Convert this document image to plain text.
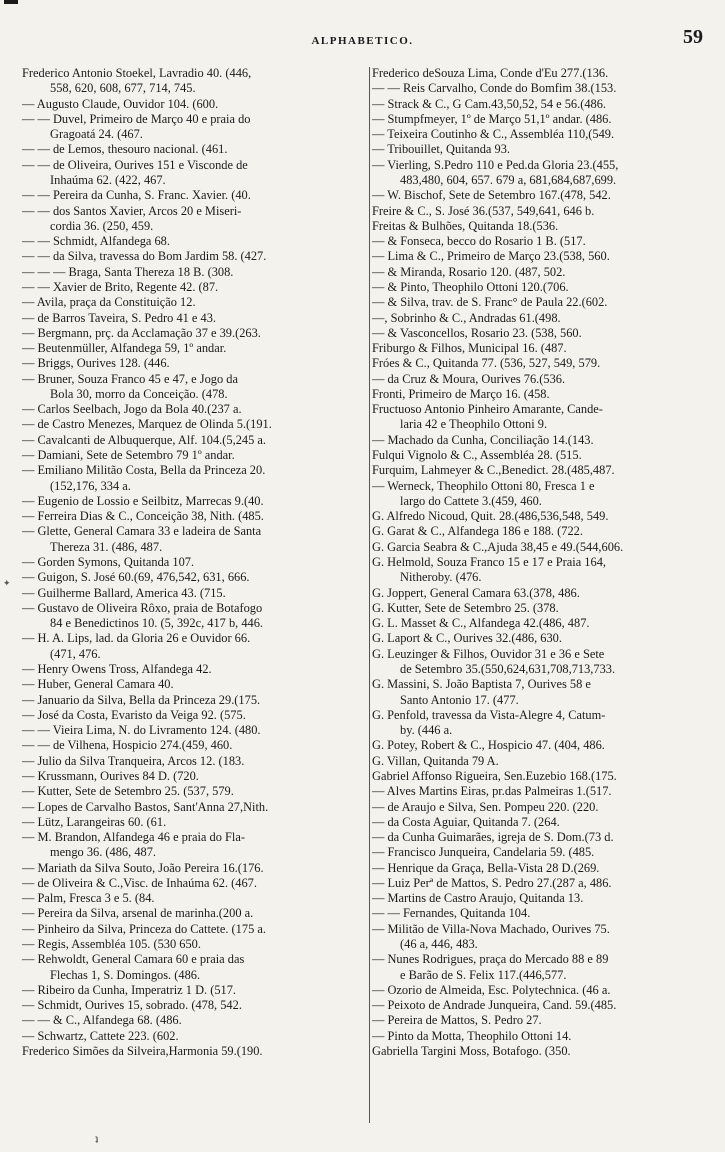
ALPHABETICO.	59

Frederico Antonio Stoekel, Lavradio 40. (446,

558, 620, 608, 677, 714, 745.

— Augusto Claude, Ouvidor 104. (600.

— — Duvel, Primeiro de Março 40 e praia do

Gragoatá 24. (467.

— — de Lemos, thesouro nacional. (461.

— — de Oliveira, Ourives 151 e Visconde de

Inhaúma 62. (422, 467.

— — Pereira da Cunha, S. Franc. Xavier. (40.

— — dos Santos Xavier, Arcos 20 e Miseri-

cordia 36. (250, 459.

— — Schmidt, Alfandega 68.

— — da Silva, travessa do Bom Jardim 58. (427.

— — — Braga, Santa Thereza 18 B. (308.

— — Xavier de Brito, Regente 42. (87.

— Avila, praça da Constituição 12.

— de Barros Taveira, S. Pedro 41 e 43.

— Bergmann, prç. da Acclamação 37 e 39.(263.

— Beutenmüller, Alfandega 59, 1º andar.

— Briggs, Ourives 128. (446.

— Bruner, Souza Franco 45 e 47, e Jogo da

Bola 30, morro da Conceição. (478.

— Carlos Seelbach, Jogo da Bola 40.(237 a.

— de Castro Menezes, Marquez de Olinda 5.(191.

— Cavalcanti de Albuquerque, Alf. 104.(5,245 a.

— Damiani, Sete de Setembro 79 1º andar.

— Emiliano Militão Costa, Bella da Princeza 20.

(152,176, 334 a.

— Eugenio de Lossio e Seilbitz, Marrecas 9.(40.

— Ferreira Dias & C., Conceição 38, Nith. (485.

— Glette, General Camara 33 e ladeira de Santa

Thereza 31. (486, 487.

— Gorden Symons, Quitanda 107.

— Guigon, S. José 60.(69, 476,542, 631, 666.

— Guilherme Ballard, America 43. (715.

— Gustavo de Oliveira Rôxo, praia de Botafogo

84 e Benedictinos 10. (5, 392c, 417 b, 446.

— H. A. Lips, lad. da Gloria 26 e Ouvidor 66.

(471, 476.

— Henry Owens Tross, Alfandega 42.

— Huber, General Camara 40.

— Januario da Silva, Bella da Princeza 29.(175.

— José da Costa, Evaristo da Veiga 92. (575.

— — Vieira Lima, N. do Livramento 124. (480.

— — de Vilhena, Hospicio 274.(459, 460.

— Julio da Silva Tranqueira, Arcos 12. (183.

— Krussmann, Ourives 84 D. (720.

— Kutter, Sete de Setembro 25. (537, 579.

— Lopes de Carvalho Bastos, Sant'Anna 27,Nith.

— Lütz, Larangeiras 60. (61.

— M. Brandon, Alfandega 46 e praia do Fla-

mengo 36. (486, 487.

— Mariath da Silva Souto, João Pereira 16.(176.

— de Oliveira & C.,Visc. de Inhaúma 62. (467.

— Palm, Fresca 3 e 5. (84.

— Pereira da Silva, arsenal de marinha.(200 a.

— Pinheiro da Silva, Princeza do Cattete. (175 a.

— Regis, Assembléa 105. (530 650.

— Rehwoldt, General Camara 60 e praia das

Flechas 1, S. Domingos. (486.

— Ribeiro da Cunha, Imperatriz 1 D. (517.

— Schmidt, Ourives 15, sobrado. (478, 542.

— — & C., Alfandega 68. (486.

— Schwartz, Cattete 223. (602.

Frederico Simões da Silveira,Harmonia 59.(190.

Frederico deSouza Lima, Conde d'Eu 277.(136.

— — Reis Carvalho, Conde do Bomfim 38.(153.

— Strack & C., G Cam.43,50,52, 54 e 56.(486.

— Stumpfmeyer, 1º de Março 51,1º andar. (486.

— Teixeira Coutinho & C., Assembléa 110,(549.

— Tribouillet, Quitanda 93.

— Vierling, S.Pedro 110 e Ped.da Gloria 23.(455,

483,480, 604, 657. 679 a, 681,684,687,699.

— W. Bischof, Sete de Setembro 167.(478, 542.

Freire & C., S. José 36.(537, 549,641, 646 b.

Freitas & Bulhões, Quitanda 18.(536.

— & Fonseca, becco do Rosario 1 B. (517.

— Lima & C., Primeiro de Março 23.(538, 560.

— & Miranda, Rosario 120. (487, 502.

— & Pinto, Theophilo Ottoni 120.(706.

— & Silva, trav. de S. Franc° de Paula 22.(602.

—, Sobrinho & C., Andradas 61.(498.

— & Vasconcellos, Rosario 23. (538, 560.

Friburgo & Filhos, Municipal 16. (487.

Fróes & C., Quitanda 77. (536, 527, 549, 579.

— da Cruz & Moura, Ourives 76.(536.

Fronti, Primeiro de Março 16. (458.

Fructuoso Antonio Pinheiro Amarante, Cande-

laria 42 e Theophilo Ottoni 9.

— Machado da Cunha, Conciliação 14.(143.

Fulqui Vignolo & C., Assembléa 28. (515.

Furquim, Lahmeyer & C.,Benedict. 28.(485,487.

— Werneck, Theophilo Ottoni 80, Fresca 1 e

largo do Cattete 3.(459, 460.

G. Alfredo Nicoud, Quit. 28.(486,536,548, 549.

G. Garat & C., Alfandega 186 e 188. (722.

G. Garcia Seabra & C.,Ajuda 38,45 e 49.(544,606.

G. Helmold, Souza Franco 15 e 17 e Praia 164,

Nitheroby. (476.

G. Joppert, General Camara 63.(378, 486.

G. Kutter, Sete de Setembro 25. (378.

G. L. Masset & C., Alfandega 42.(486, 487.

G. Laport & C., Ourives 32.(486, 630.

G. Leuzinger & Filhos, Ouvidor 31 e 36 e Sete

de Setembro 35.(550,624,631,708,713,733.

G. Massini, S. João Baptista 7, Ourives 58 e

Santo Antonio 17. (477.

G. Penfold, travessa da Vista-Alegre 4, Catum-

by. (446 a.

G. Potey, Robert & C., Hospicio 47. (404, 486.

G. Villan, Quitanda 79 A.

Gabriel Affonso Rigueira, Sen.Euzebio 168.(175.

— Alves Martins Eiras, pr.das Palmeiras 1.(517.

— de Araujo e Silva, Sen. Pompeu 220. (220.

— da Costa Aguiar, Quitanda 7. (264.

— da Cunha Guimarães, igreja de S. Dom.(73 d.

— Francisco Junqueira, Candelaria 59. (485.

— Henrique da Graça, Bella-Vista 28 D.(269.

— Luiz Perª de Mattos, S. Pedro 27.(287 a, 486.

— Martins de Castro Araujo, Quitanda 13.

— — Fernandes, Quitanda 104.

— Militão de Villa-Nova Machado, Ourives 75.

(46 a, 446, 483.

— Nunes Rodrigues, praça do Mercado 88 e 89

e Barão de S. Felix 117.(446,577.

— Ozorio de Almeida, Esc. Polytechnica. (46 a.

— Peixoto de Andrade Junqueira, Cand. 59.(485.

— Pereira de Mattos, S. Pedro 27.

— Pinto da Motta, Theophilo Ottoni 14.

Gabriella Targini Moss, Botafogo. (350.

✦
ʇ
